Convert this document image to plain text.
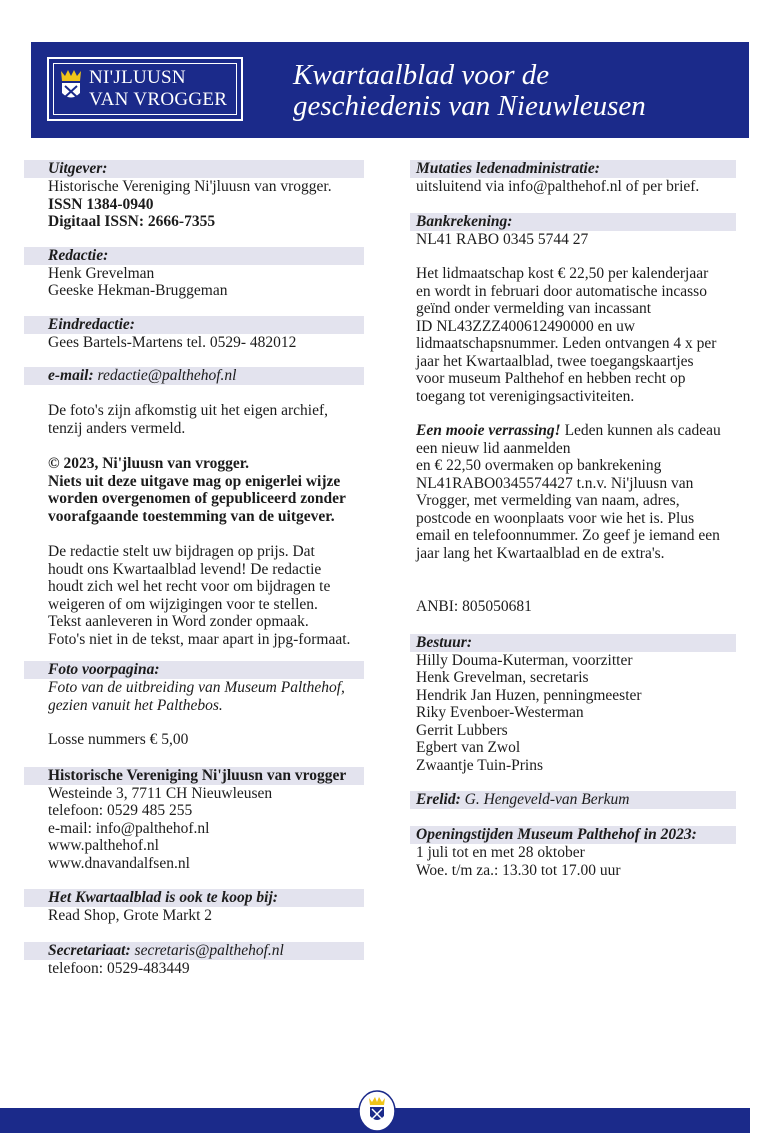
NI'JLUUSN
VAN VROGGER
Kwartaalblad voor de
geschiedenis van Nieuwleusen
Uitgever:
Historische Vereniging Ni'jluusn van vrogger.
ISSN 1384-0940
Digitaal ISSN: 2666-7355
Redactie:
Henk Grevelman
Geeske Hekman-Bruggeman
Eindredactie:
Gees Bartels-Martens tel. 0529- 482012
e-mail: redactie@palthehof.nl
De foto's zijn afkomstig uit het eigen archief,
tenzij anders vermeld.
© 2023, Ni'jluusn van vrogger.
Niets uit deze uitgave mag op enigerlei wijze
worden overgenomen of gepubliceerd zonder
voorafgaande toestemming van de uitgever.
De redactie stelt uw bijdragen op prijs. Dat
houdt ons Kwartaalblad levend! De redactie
houdt zich wel het recht voor om bijdragen te
weigeren of om wijzigingen voor te stellen.
Tekst aanleveren in Word zonder opmaak.
Foto's niet in de tekst, maar apart in jpg-formaat.
Foto voorpagina:
Foto van de uitbreiding van Museum Palthehof,
gezien vanuit het Palthebos.
Losse nummers € 5,00
Historische Vereniging Ni'jluusn van vrogger
Westeinde 3, 7711 CH Nieuwleusen
telefoon: 0529 485 255
e-mail: info@palthehof.nl
www.palthehof.nl
www.dnavandalfsen.nl
Het Kwartaalblad is ook te koop bij:
Read Shop, Grote Markt 2
Secretariaat: secretaris@palthehof.nl
telefoon: 0529-483449
Mutaties ledenadministratie:
uitsluitend via info@palthehof.nl of per brief.
Bankrekening:
NL41 RABO 0345 5744 27
Het lidmaatschap kost € 22,50 per kalenderjaar
en wordt in februari door automatische incasso
geïnd onder vermelding van incassant
ID NL43ZZZ400612490000 en uw
lidmaatschapsnummer. Leden ontvangen 4 x per
jaar het Kwartaalblad, twee toegangskaartjes
voor museum Palthehof en hebben recht op
toegang tot verenigingsactiviteiten.
Een mooie verrassing! Leden kunnen als cadeau
een nieuw lid aanmelden
en € 22,50 overmaken op bankrekening
NL41RABO0345574427 t.n.v. Ni'jluusn van
Vrogger, met vermelding van naam, adres,
postcode en woonplaats voor wie het is. Plus
email en telefoonnummer. Zo geef je iemand een
jaar lang het Kwartaalblad en de extra's.
ANBI: 805050681
Bestuur:
Hilly Douma-Kuterman, voorzitter
Henk Grevelman, secretaris
Hendrik Jan Huzen, penningmeester
Riky Evenboer-Westerman
Gerrit Lubbers
Egbert van Zwol
Zwaantje Tuin-Prins
Erelid: G. Hengeveld-van Berkum
Openingstijden Museum Palthehof in 2023:
1 juli tot en met 28 oktober
Woe. t/m za.: 13.30 tot 17.00 uur
